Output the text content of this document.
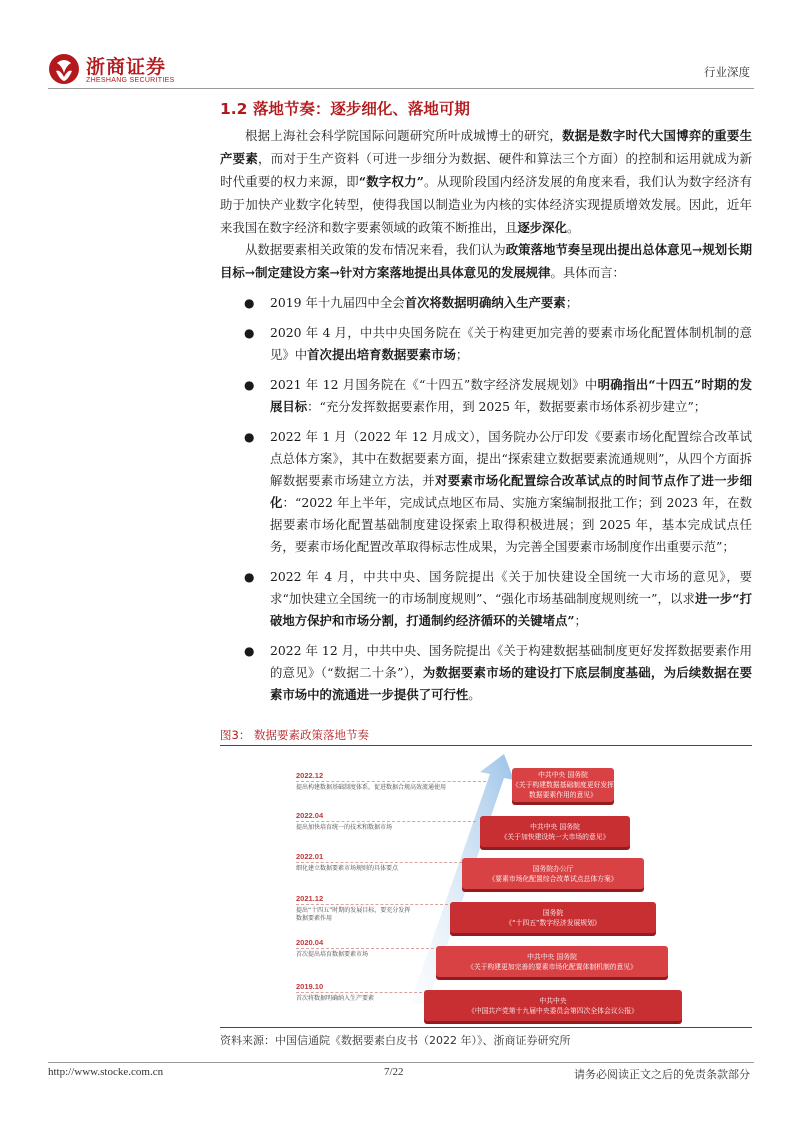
浙商证券
ZHESHANG SECURITIES
行业深度
1.2 落地节奏：逐步细化、落地可期

根据上海社会科学院国际问题研究所叶成城博士的研究，数据是数字时代大国博弈的重要生产要素，而对于生产资料（可进一步细分为数据、硬件和算法三个方面）的控制和运用就成为新时代重要的权力来源，即“数字权力”。从现阶段国内经济发展的角度来看，我们认为数字经济有助于加快产业数字化转型，使得我国以制造业为内核的实体经济实现提质增效发展。因此，近年来我国在数字经济和数字要素领域的政策不断推出，且逐步深化。

从数据要素相关政策的发布情况来看，我们认为政策落地节奏呈现出提出总体意见→规划长期目标→制定建设方案→针对方案落地提出具体意见的发展规律。具体而言：

● 2019 年十九届四中全会首次将数据明确纳入生产要素；
● 2020 年 4 月，中共中央国务院在《关于构建更加完善的要素市场化配置体制机制的意见》中首次提出培育数据要素市场；
● 2021 年 12 月国务院在《“十四五”数字经济发展规划》中明确指出“十四五”时期的发展目标：“充分发挥数据要素作用，到 2025 年，数据要素市场体系初步建立”；
● 2022 年 1 月（2022 年 12 月成文），国务院办公厅印发《要素市场化配置综合改革试点总体方案》，其中在数据要素方面，提出“探索建立数据要素流通规则”，从四个方面拆解数据要素市场建立方法，并对要素市场化配置综合改革试点的时间节点作了进一步细化：“2022 年上半年，完成试点地区布局、实施方案编制报批工作；到 2023 年，在数据要素市场化配置基础制度建设探索上取得积极进展；到 2025 年，基本完成试点任务，要素市场化配置改革取得标志性成果，为完善全国要素市场制度作出重要示范”；
● 2022 年 4 月，中共中央、国务院提出《关于加快建设全国统一大市场的意见》，要求“加快建立全国统一的市场制度规则”、“强化市场基础制度规则统一”，以求进一步“打破地方保护和市场分割，打通制约经济循环的关键堵点”；
● 2022 年 12 月，中共中央、国务院提出《关于构建数据基础制度更好发挥数据要素作用的意见》（“数据二十条”），为数据要素市场的建设打下底层制度基础，为后续数据在要素市场中的流通进一步提供了可行性。
图3： 数据要素政策落地节奏
2022.12
提出构建数据基础制度体系，促进数据合规高效流通使用
中共中央 国务院
《关于构建数据基础制度更好发挥数据要素作用的意见》
2022.04
提出加快培育统一的技术和数据市场	中共中央 国务院
《关于加快建设统一大市场的意见》
2022.01
细化建立数据要素市场规则的具体要点	国务院办公厅
《要素市场化配置综合改革试点总体方案》
2021.12
提出“十四五”时期的发展目标，要充分发挥数据要素作用
国务院
《“十四五”数字经济发展规划》
2020.04
首次提出培育数据要素市场	中共中央 国务院
《关于构建更加完善的要素市场化配置体制机制的意见》
2019.10
首次将数据明确纳入生产要素	中共中央
《中国共产党第十九届中央委员会第四次全体会议公报》
资料来源：中国信通院《数据要素白皮书（2022 年）》、浙商证券研究所
http://www.stocke.com.cn	7/22	请务必阅读正文之后的免责条款部分
